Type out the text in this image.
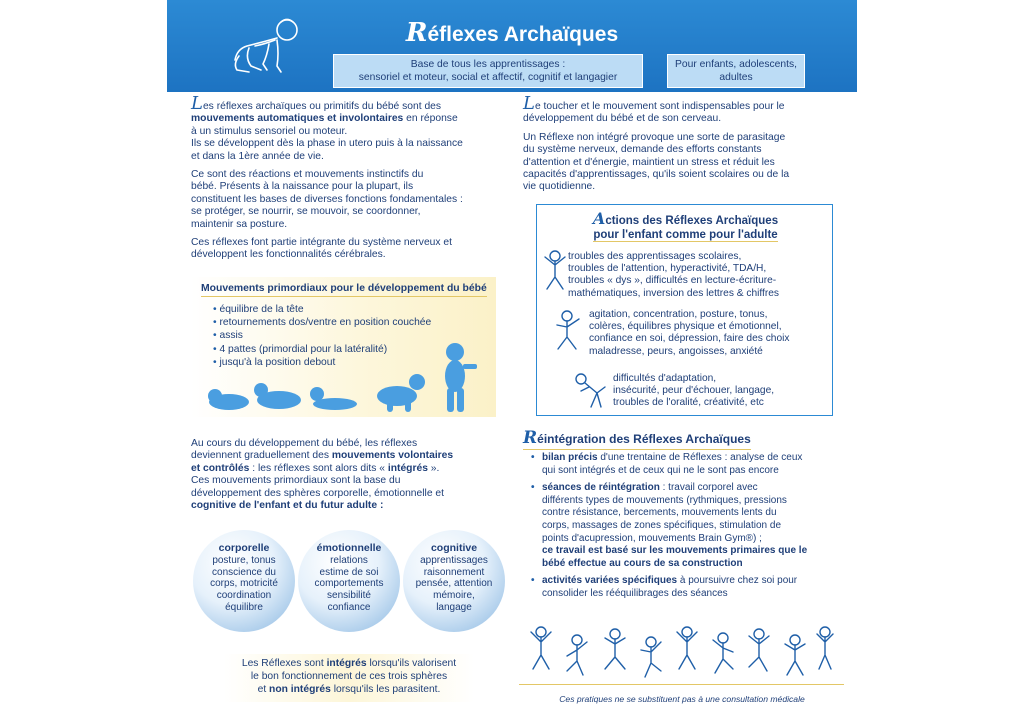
Réflexes Archaïques
Base de tous les apprentissages :
sensoriel et moteur, social et affectif, cognitif et langagier
Pour enfants, adolescents,
adultes

Les réflexes archaïques ou primitifs du bébé sont des
mouvements automatiques et involontaires en réponse
à un stimulus sensoriel ou moteur.
Ils se développent dès la phase in utero puis à la naissance
et dans la 1ère année de vie.

Ce sont des réactions et mouvements instinctifs du
bébé. Présents à la naissance pour la plupart, ils
constituent les bases de diverses fonctions fondamentales :
se protéger, se nourrir, se mouvoir, se coordonner,
maintenir sa posture.

Ces réflexes font partie intégrante du système nerveux et
développent les fonctionnalités cérébrales.

Mouvements primordiaux pour le développement du bébé
• équilibre de la tête
• retournements dos/ventre en position couchée
• assis
• 4 pattes (primordial pour la latéralité)
• jusqu'à la position debout
Au cours du développement du bébé, les réflexes
deviennent graduellement des mouvements volontaires
et contrôlés : les réflexes sont alors dits « intégrés ».
Ces mouvements primordiaux sont la base du
développement des sphères corporelle, émotionnelle et
cognitive de l'enfant et du futur adulte :
corporelle
posture, tonus
conscience du
corps, motricité
coordination
équilibre
émotionnelle
relations
estime de soi
comportements
sensibilité
confiance
cognitive
apprentissages
raisonnement
pensée, attention
mémoire,
langage
Les Réflexes sont intégrés lorsqu'ils valorisent
le bon fonctionnement de ces trois sphères
et non intégrés lorsqu'ils les parasitent.

Le toucher et le mouvement sont indispensables pour le
développement du bébé et de son cerveau.

Un Réflexe non intégré provoque une sorte de parasitage
du système nerveux, demande des efforts constants
d'attention et d'énergie, maintient un stress et réduit les
capacités d'apprentissages, qu'ils soient scolaires ou de la
vie quotidienne.

Actions des Réflexes Archaïques
pour l'enfant comme pour l'adulte
troubles des apprentissages scolaires,
troubles de l'attention, hyperactivité, TDA/H,
troubles « dys », difficultés en lecture-écriture-
mathématiques, inversion des lettres & chiffres
agitation, concentration, posture, tonus,
colères, équilibres physique et émotionnel,
confiance en soi, dépression, faire des choix
maladresse, peurs, angoisses, anxiété
difficultés d'adaptation,
insécurité, peur d'échouer, langage,
troubles de l'oralité, créativité, etc
Réintégration des Réflexes Archaïques
• bilan précis d'une trentaine de Réflexes : analyse de ceux
qui sont intégrés et de ceux qui ne le sont pas encore
• séances de réintégration : travail corporel avec
différents types de mouvements (rythmiques, pressions
contre résistance, bercements, mouvements lents du
corps, massages de zones spécifiques, stimulation de
points d'acupression, mouvements Brain Gym®) ;
ce travail est basé sur les mouvements primaires que le
bébé effectue au cours de sa construction
• activités variées spécifiques à poursuivre chez soi pour
consolider les rééquilibrages des séances
Ces pratiques ne se substituent pas à une consultation médicale
